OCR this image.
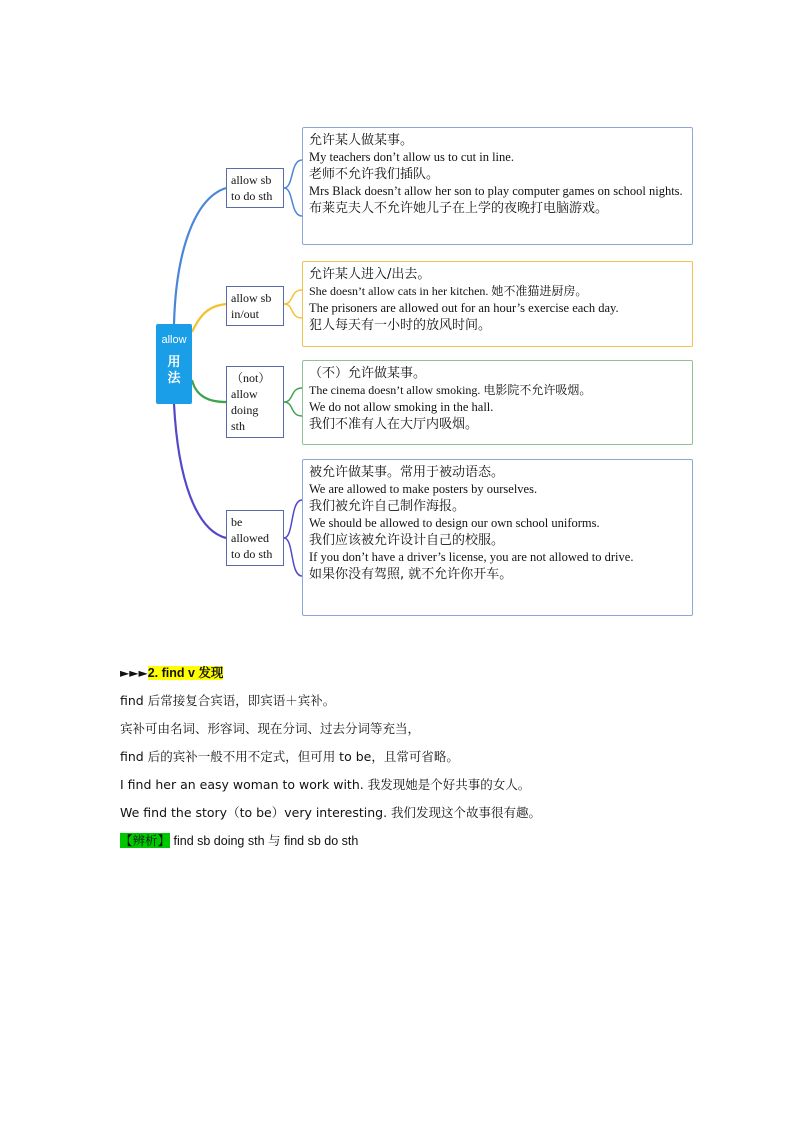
allow
用法
allow sb
to do sth
allow sb
in/out
（not）
allow
doing
sth
be
allowed
to do sth

允许某人做某事。

My teachers don’t allow us to cut in line.

老师不允许我们插队。

Mrs Black doesn’t allow her son to play computer games on school nights.

布莱克夫人不允许她儿子在上学的夜晚打电脑游戏。

允许某人进入/出去。

She doesn’t allow cats in her kitchen. 她不准猫进厨房。

The prisoners are allowed out for an hour’s exercise each day.

犯人每天有一小时的放风时间。

（不）允许做某事。

The cinema doesn’t allow smoking. 电影院不允许吸烟。

We do not allow smoking in the hall.

我们不准有人在大厅内吸烟。

被允许做某事。常用于被动语态。

We are allowed to make posters by ourselves.

我们被允许自己制作海报。

We should be allowed to design our own school uniforms.

我们应该被允许设计自己的校服。

If you don’t have a driver’s license, you are not allowed to drive.

如果你没有驾照, 就不允许你开车。

►►►2. find v 发现

find 后常接复合宾语，即宾语＋宾补。

宾补可由名词、形容词、现在分词、过去分词等充当，

find 后的宾补一般不用不定式，但可用 to be，且常可省略。

I find her an easy woman to work with. 我发现她是个好共事的女人。

We find the story（to be）very interesting. 我们发现这个故事很有趣。

【辨析】 find sb doing sth 与 find sb do sth
